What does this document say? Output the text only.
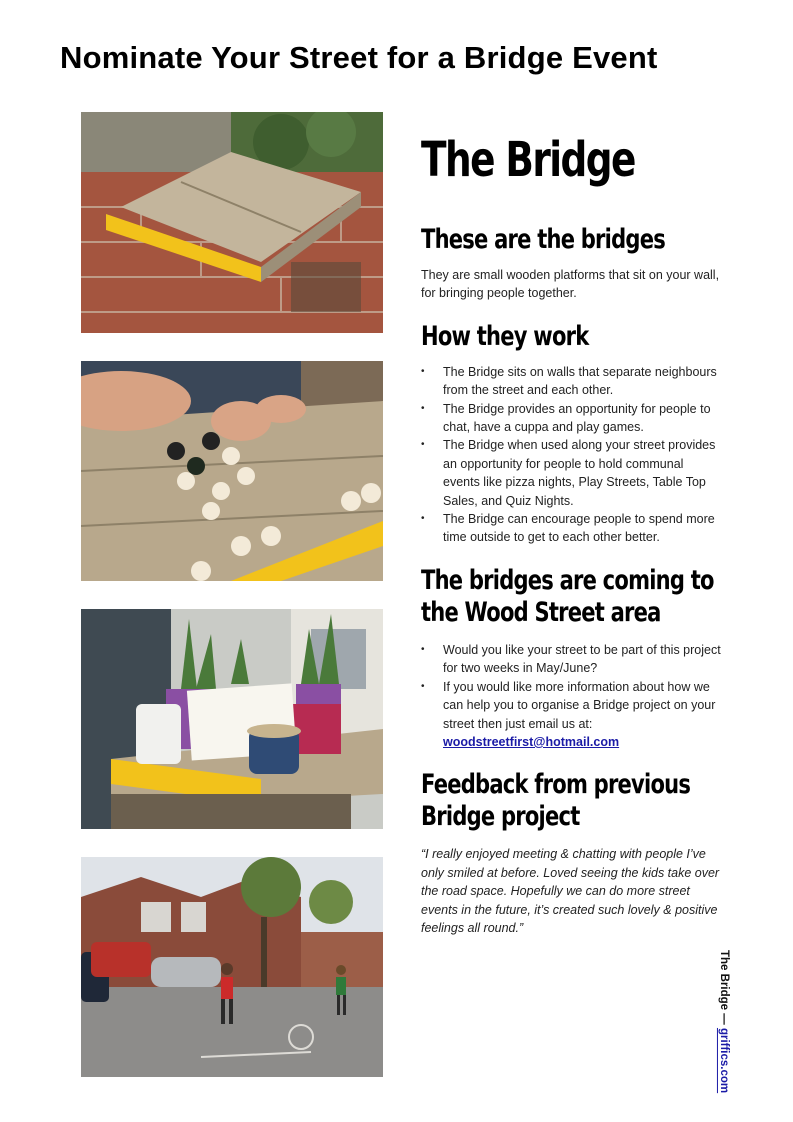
Nominate Your Street for a Bridge Event
The Bridge
These are the bridges

They are small wooden platforms that sit on your wall, for bringing people together.

How they work
• The Bridge sits on walls that separate neighbours from the street and each other.
• The Bridge provides an opportunity for people to chat, have a cuppa and play games.
• The Bridge when used along your street provides an opportunity for people to hold communal events like pizza nights, Play Streets, Table Top Sales, and Quiz Nights.
• The Bridge can encourage people to spend more time outside to get to each other better.
The bridges are coming to
the Wood Street area
• Would you like your street to be part of this project for two weeks in May/June?
• If you would like more information about how we can help you to organise a Bridge project on your street then just email us at:
woodstreetfirst@hotmail.com
Feedback from previous
Bridge project

“I really enjoyed meeting & chatting with people I’ve only smiled at before. Loved seeing the kids take over the road space. Hopefully we can do more street events in the future, it’s created such lovely & positive feelings all round.”

The Bridge — griffics.com
